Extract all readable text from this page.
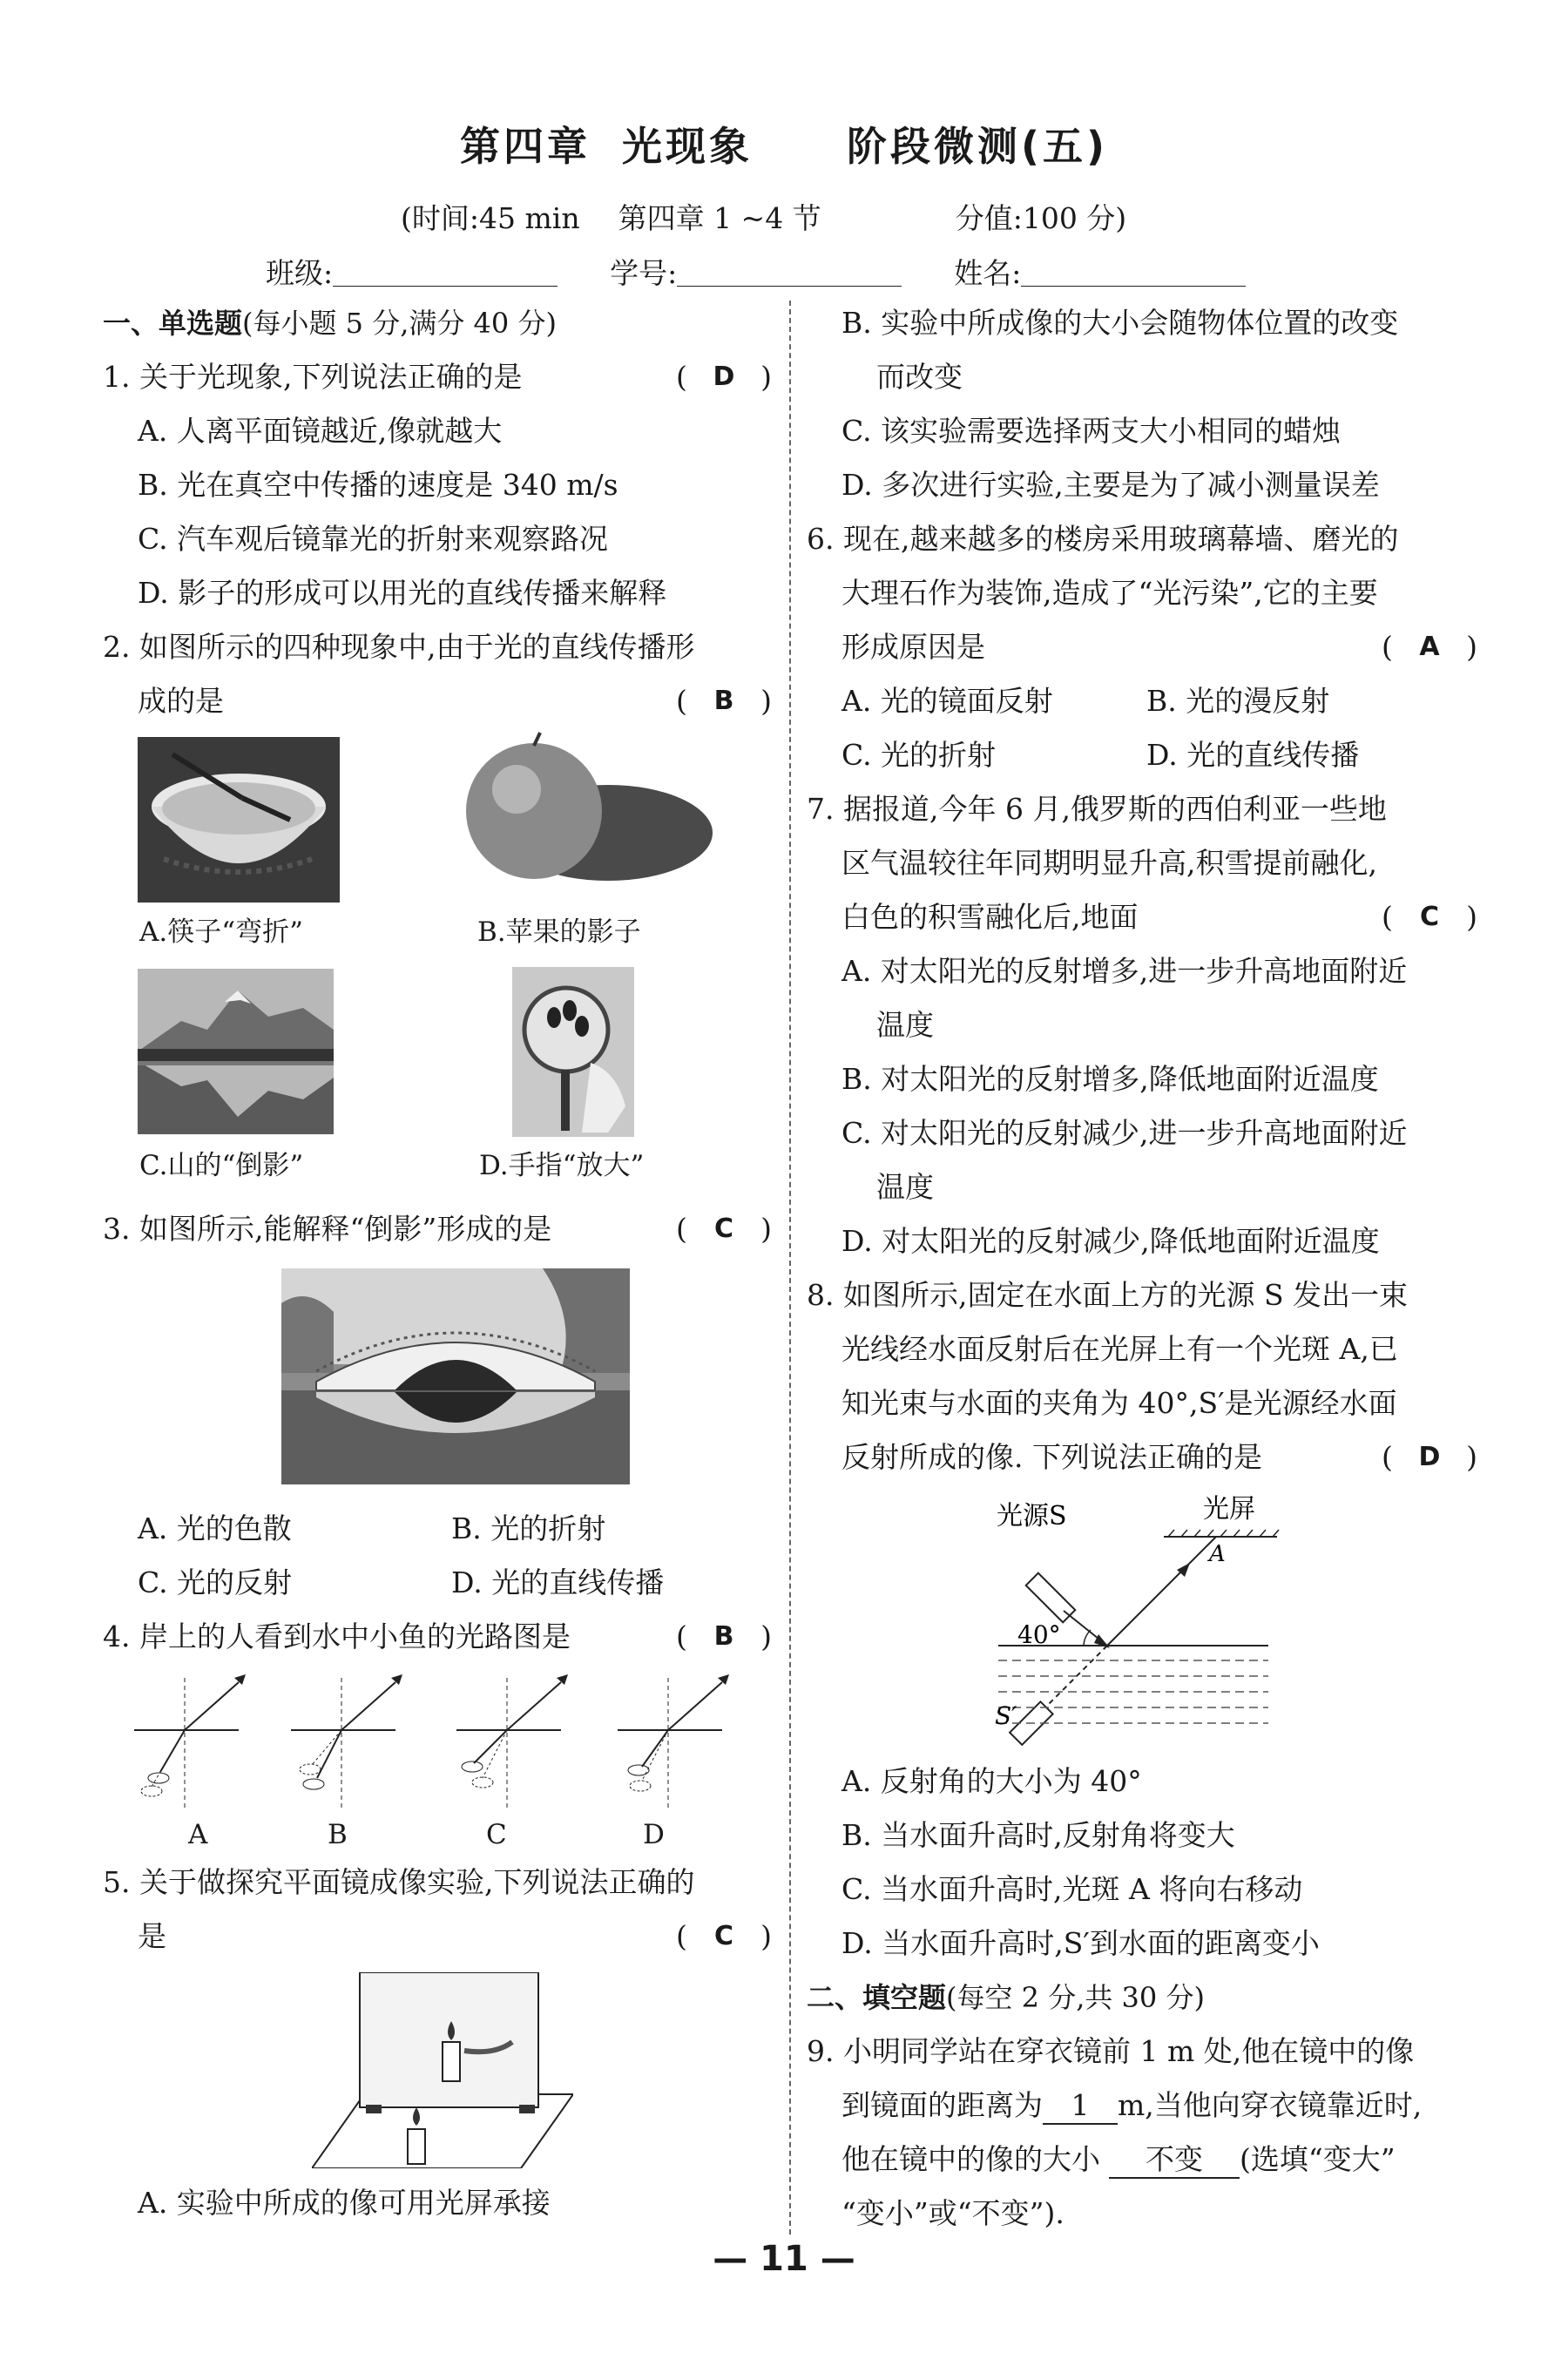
第四章 光现象 阶段微测(五)
(时间:45 min 第四章 1 ~4 节	分值:100 分)
班级:	学号:	姓名:
一、单选题(每小题 5 分,满分 40 分)
1. 关于光现象,下列说法正确的是	( D )
A. 人离平面镜越近,像就越大
B. 光在真空中传播的速度是 340 m/s
C. 汽车观后镜靠光的折射来观察路况
D. 影子的形成可以用光的直线传播来解释
2. 如图所示的四种现象中,由于光的直线传播形
成的是	( B )
A.筷子“弯折”	B.苹果的影子
C.山的“倒影”	D.手指“放大”
3. 如图所示,能解释“倒影”形成的是	( C )
A. 光的色散	B. 光的折射
C. 光的反射	D. 光的直线传播
4. 岸上的人看到水中小鱼的光路图是	( B )
A	B	C	D
5. 关于做探究平面镜成像实验,下列说法正确的
是	( C )
A. 实验中所成的像可用光屏承接
B. 实验中所成像的大小会随物体位置的改变
而改变
C. 该实验需要选择两支大小相同的蜡烛
D. 多次进行实验,主要是为了减小测量误差
6. 现在,越来越多的楼房采用玻璃幕墙、磨光的
大理石作为装饰,造成了“光污染”,它的主要
形成原因是	( A )
A. 光的镜面反射	B. 光的漫反射
C. 光的折射	D. 光的直线传播
7. 据报道,今年 6 月,俄罗斯的西伯利亚一些地
区气温较往年同期明显升高,积雪提前融化,
白色的积雪融化后,地面	( C )
A. 对太阳光的反射增多,进一步升高地面附近
温度
B. 对太阳光的反射增多,降低地面附近温度
C. 对太阳光的反射减少,进一步升高地面附近
温度
D. 对太阳光的反射减少,降低地面附近温度
8. 如图所示,固定在水面上方的光源 S 发出一束
光线经水面反射后在光屏上有一个光斑 A,已
知光束与水面的夹角为 40°,S′是光源经水面
反射所成的像. 下列说法正确的是	( D )
光源S	光屏
A
40°
S′
A. 反射角的大小为 40°
B. 当水面升高时,反射角将变大
C. 当水面升高时,光斑 A 将向右移动
D. 当水面升高时,S′到水面的距离变小
二、填空题(每空 2 分,共 30 分)
9. 小明同学站在穿衣镜前 1 m 处,他在镜中的像
到镜面的距离为 1 m,当他向穿衣镜靠近时,
他在镜中的像的大小 不变 (选填“变大”
“变小”或“不变”).
— 11 —
